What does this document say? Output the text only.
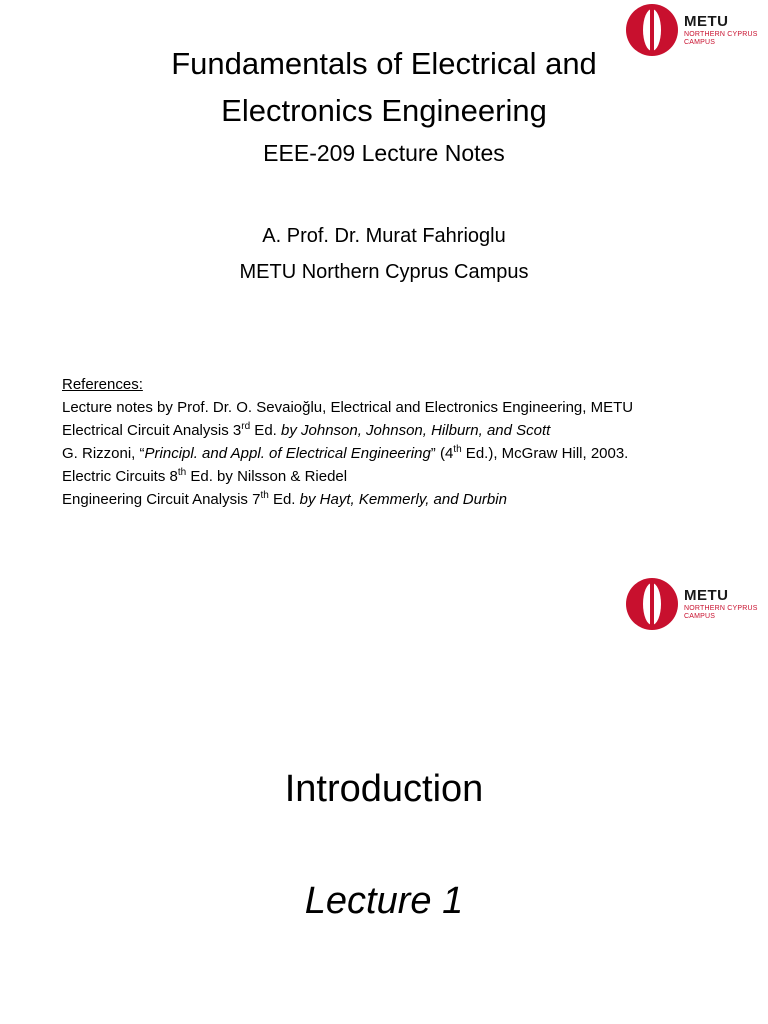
METU
NORTHERN CYPRUS
CAMPUS
Fundamentals of Electrical and
Electronics Engineering
EEE-209 Lecture Notes
A. Prof. Dr. Murat Fahrioglu
METU Northern Cyprus Campus
References:
Lecture notes by Prof. Dr. O. Sevaioğlu, Electrical and Electronics Engineering, METU
Electrical Circuit Analysis 3rd Ed. by Johnson, Johnson, Hilburn, and Scott
G. Rizzoni, “Principl. and Appl. of Electrical Engineering” (4th Ed.), McGraw Hill, 2003.
Electric Circuits 8th Ed. by Nilsson & Riedel
Engineering Circuit Analysis 7th Ed. by Hayt, Kemmerly, and Durbin
METU
NORTHERN CYPRUS
CAMPUS
Introduction
Lecture 1
